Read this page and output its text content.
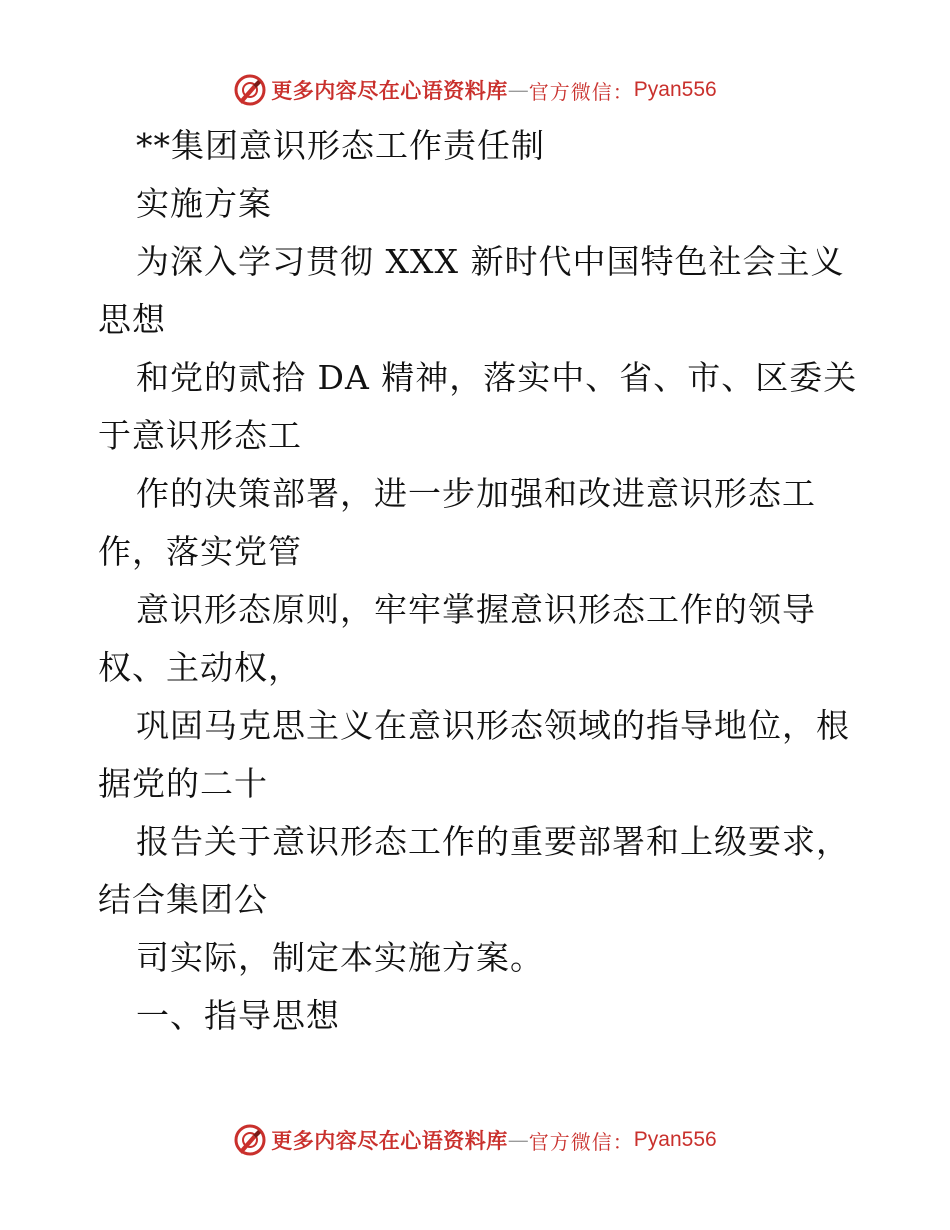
更多内容尽在心语资料库 — 官方微信： Pyan556
**集团意识形态工作责任制
实施方案
为深入学习贯彻 XXX 新时代中国特色社会主义
思想
和党的贰拾 DA 精神，落实中、省、市、区委关
于意识形态工
作的决策部署，进一步加强和改进意识形态工
作，落实党管
意识形态原则，牢牢掌握意识形态工作的领导
权、主动权，
巩固马克思主义在意识形态领域的指导地位，根
据党的二十
报告关于意识形态工作的重要部署和上级要求，
结合集团公
司实际，制定本实施方案。
一、指导思想
更多内容尽在心语资料库 — 官方微信： Pyan556
